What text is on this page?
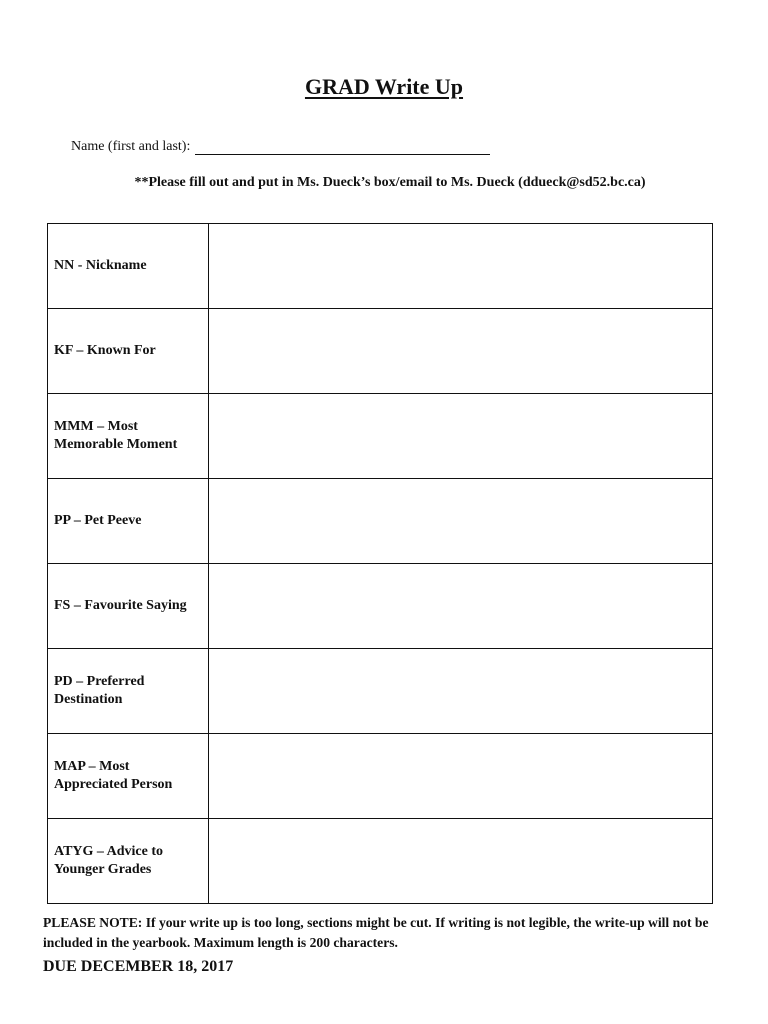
GRAD Write Up
Name (first and last):
**Please fill out and put in Ms. Dueck’s box/email to Ms. Dueck (ddueck@sd52.bc.ca)
NN - Nickname	
KF – Known For	
MMM – Most Memorable Moment	
PP – Pet Peeve	
FS – Favourite Saying	
PD – Preferred Destination	
MAP – Most Appreciated Person	
ATYG – Advice to Younger Grades	
PLEASE NOTE: If your write up is too long, sections might be cut. If writing is not legible, the write-up will not be included in the yearbook. Maximum length is 200 characters.
DUE DECEMBER 18, 2017
